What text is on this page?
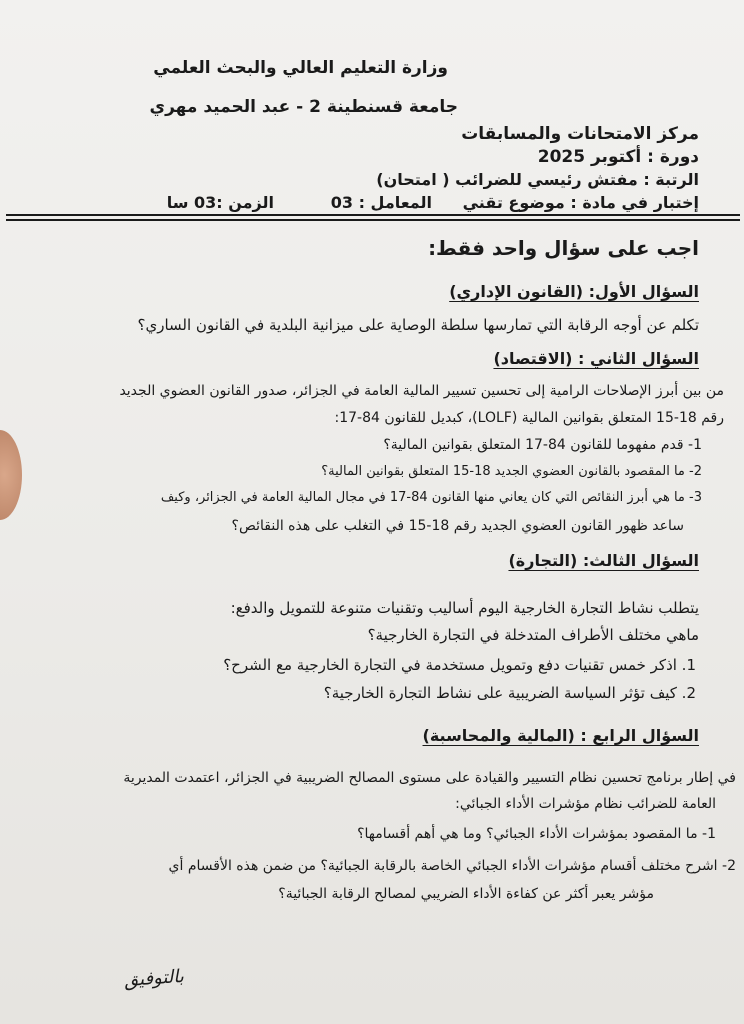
وزارة التعليم العالي والبحث العلمي
جامعة قسنطينة 2 - عبد الحميد مهري
مركز الامتحانات والمسابقات
دورة : أكتوبر 2025
الرتبة : مفتش رئيسي للضرائب ( امتحان)
إختبار في مادة : موضوع تقني
المعامل : 03
الزمن :03 سا
اجب على سؤال واحد فقط:
السؤال الأول: (القانون الإداري)
تكلم عن أوجه الرقابة التي تمارسها سلطة الوصاية على ميزانية البلدية في القانون الساري؟
السؤال الثاني : (الاقتصاد)
من بين أبرز الإصلاحات الرامية إلى تحسين تسيير المالية العامة في الجزائر، صدور القانون العضوي الجديد
رقم 18-15 المتعلق بقوانين المالية (LOLF)، كبديل للقانون 84-17:
1- قدم مفهوما للقانون 84-17 المتعلق بقوانين المالية؟
2- ما المقصود بالقانون العضوي الجديد 18-15 المتعلق بقوانين المالية؟
3- ما هي أبرز النقائص التي كان يعاني منها القانون 84-17 في مجال المالية العامة في الجزائر، وكيف
ساعد ظهور القانون العضوي الجديد رقم 18-15 في التغلب على هذه النقائص؟
السؤال الثالث: (التجارة)
يتطلب نشاط التجارة الخارجية اليوم أساليب وتقنيات متنوعة للتمويل والدفع:
ماهي مختلف الأطراف المتدخلة في التجارة الخارجية؟
1. اذكر خمس تقنيات دفع وتمويل مستخدمة في التجارة الخارجية مع الشرح؟
2. كيف تؤثر السياسة الضريبية على نشاط التجارة الخارجية؟
السؤال الرابع : (المالية والمحاسبة)
في إطار برنامج تحسين نظام التسيير والقيادة على مستوى المصالح الضريبية في الجزائر، اعتمدت المديرية
العامة للضرائب نظام مؤشرات الأداء الجبائي:
1- ما المقصود بمؤشرات الأداء الجبائي؟ وما هي أهم أقسامها؟
2- اشرح مختلف أقسام مؤشرات الأداء الجبائي الخاصة بالرقابة الجبائية؟ من ضمن هذه الأقسام أي
مؤشر يعبر أكثر عن كفاءة الأداء الضريبي لمصالح الرقابة الجبائية؟
بالتوفيق
